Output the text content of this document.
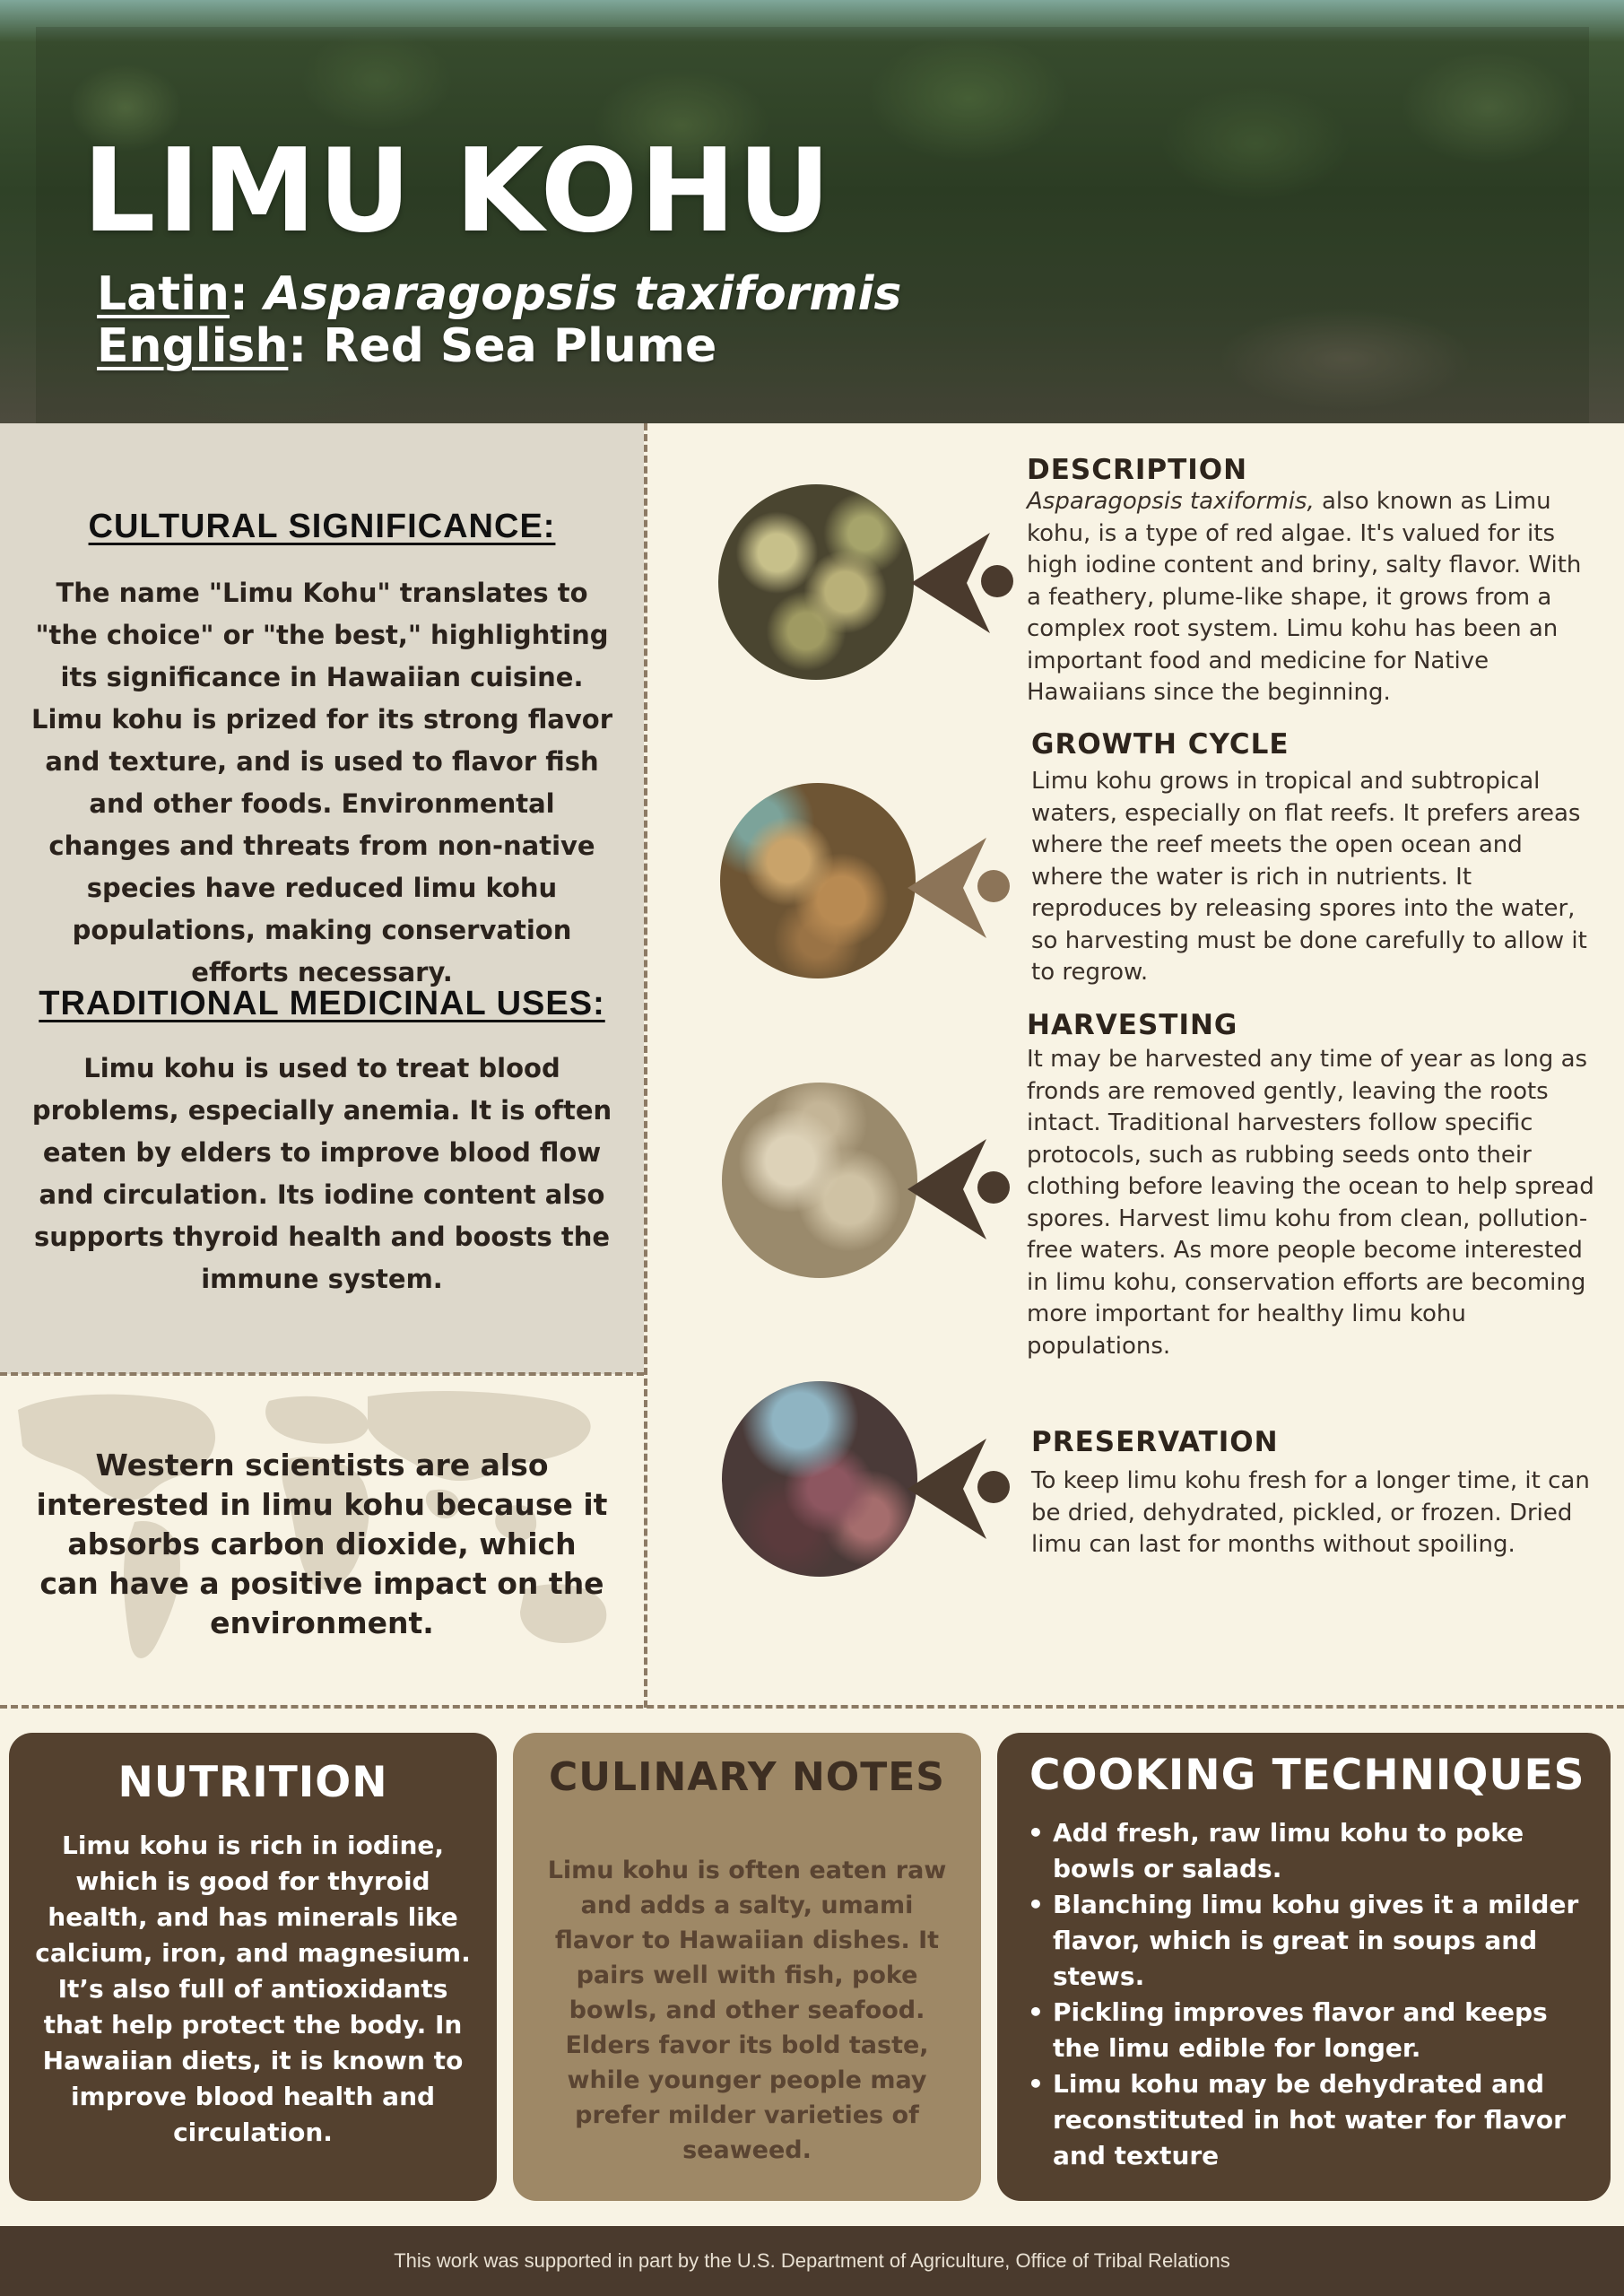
LIMU KOHU
Latin: Asparagopsis taxiformis
English: Red Sea Plume
CULTURAL SIGNIFICANCE:
The name "Limu Kohu" translates to "the choice" or "the best," highlighting its significance in Hawaiian cuisine. Limu kohu is prized for its strong flavor and texture, and is used to flavor fish and other foods. Environmental changes and threats from non-native species have reduced limu kohu populations, making conservation efforts necessary.
TRADITIONAL MEDICINAL USES:
Limu kohu is used to treat blood problems, especially anemia. It is often eaten by elders to improve blood flow and circulation. Its iodine content also supports thyroid health and boosts the immune system.
Western scientists are also interested in limu kohu because it absorbs carbon dioxide, which can have a positive impact on the environment.
DESCRIPTION
Asparagopsis taxiformis, also known as Limu kohu, is a type of red algae. It's valued for its high iodine content and briny, salty flavor. With a feathery, plume-like shape, it grows from a complex root system. Limu kohu has been an important food and medicine for Native Hawaiians since the beginning.
GROWTH CYCLE
Limu kohu grows in tropical and subtropical waters, especially on flat reefs. It prefers areas where the reef meets the open ocean and where the water is rich in nutrients. It reproduces by releasing spores into the water, so harvesting must be done carefully to allow it to regrow.
HARVESTING
It may be harvested any time of year as long as fronds are removed gently, leaving the roots intact. Traditional harvesters follow specific protocols, such as rubbing seeds onto their clothing before leaving the ocean to help spread spores. Harvest limu kohu from clean, pollution-free waters. As more people become interested in limu kohu, conservation efforts are becoming more important for healthy limu kohu populations.
PRESERVATION
To keep limu kohu fresh for a longer time, it can be dried, dehydrated, pickled, or frozen. Dried limu can last for months without spoiling.
NUTRITION
Limu kohu is rich in iodine, which is good for thyroid health, and has minerals like calcium, iron, and magnesium. It’s also full of antioxidants that help protect the body. In Hawaiian diets, it is known to improve blood health and circulation.
CULINARY NOTES
Limu kohu is often eaten raw and adds a salty, umami flavor to Hawaiian dishes. It pairs well with fish, poke bowls, and other seafood. Elders favor its bold taste, while younger people may prefer milder varieties of seaweed.
COOKING TECHNIQUES
• Add fresh, raw limu kohu to poke bowls or salads.
• Blanching limu kohu gives it a milder flavor, which is great in soups and stews.
• Pickling improves flavor and keeps the limu edible for longer.
• Limu kohu may be dehydrated and reconstituted in hot water for flavor and texture
This work was supported in part by the U.S. Department of Agriculture, Office of Tribal Relations
